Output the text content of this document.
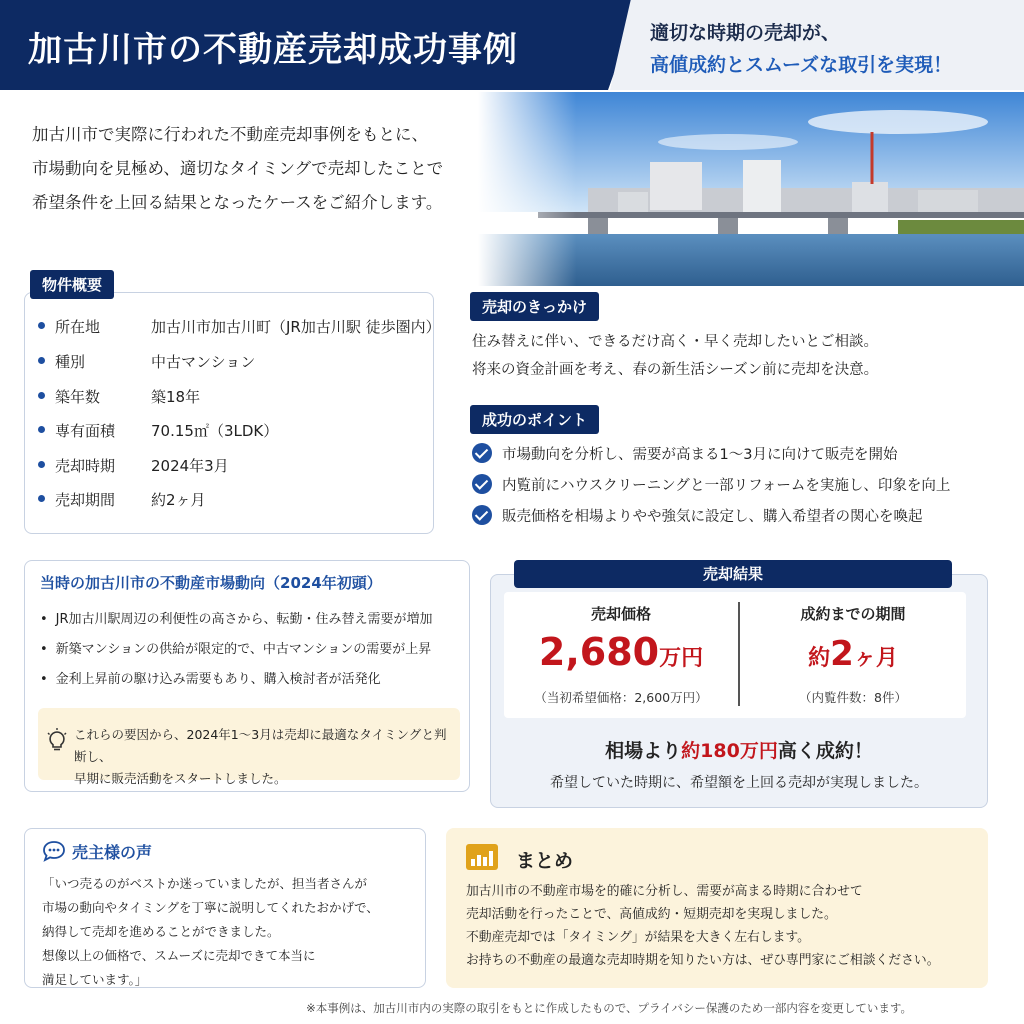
加古川市の不動産売却成功事例	適切な時期の売却が、
高値成約とスムーズな取引を実現！
加古川市で実際に行われた不動産売却事例をもとに、
市場動向を見極め、適切なタイミングで売却したことで
希望条件を上回る結果となったケースをご紹介します。
物件概要
所在地	加古川市加古川町（JR加古川駅 徒歩圏内）
種別	中古マンション
築年数	築18年
専有面積 70.15㎡（3LDK）
売却時期 2024年3月
売却期間 約2ヶ月
売却のきっかけ
住み替えに伴い、できるだけ高く・早く売却したいとご相談。
将来の資金計画を考え、春の新生活シーズン前に売却を決意。
成功のポイント
市場動向を分析し、需要が高まる1〜3月に向けて販売を開始
内覧前にハウスクリーニングと一部リフォームを実施し、印象を向上
販売価格を相場よりやや強気に設定し、購入希望者の関心を喚起
当時の加古川市の不動産市場動向（2024年初頭）
• JR加古川駅周辺の利便性の高さから、転勤・住み替え需要が増加
• 新築マンションの供給が限定的で、中古マンションの需要が上昇
• 金利上昇前の駆け込み需要もあり、購入検討者が活発化
これらの要因から、2024年1〜3月は売却に最適なタイミングと判断し、
早期に販売活動をスタートしました。
売却結果
売却価格
2,680万円
（当初希望価格：2,600万円）
成約までの期間
約2ヶ月
（内覧件数：8件）
相場より約180万円高く成約！
希望していた時期に、希望額を上回る売却が実現しました。
売主様の声
「いつ売るのがベストか迷っていましたが、担当者さんが
市場の動向やタイミングを丁寧に説明してくれたおかげで、
納得して売却を進めることができました。
想像以上の価格で、スムーズに売却できて本当に
満足しています。」
まとめ
加古川市の不動産市場を的確に分析し、需要が高まる時期に合わせて
売却活動を行ったことで、高値成約・短期売却を実現しました。
不動産売却では「タイミング」が結果を大きく左右します。
お持ちの不動産の最適な売却時期を知りたい方は、ぜひ専門家にご相談ください。
※本事例は、加古川市内の実際の取引をもとに作成したもので、プライバシー保護のため一部内容を変更しています。
